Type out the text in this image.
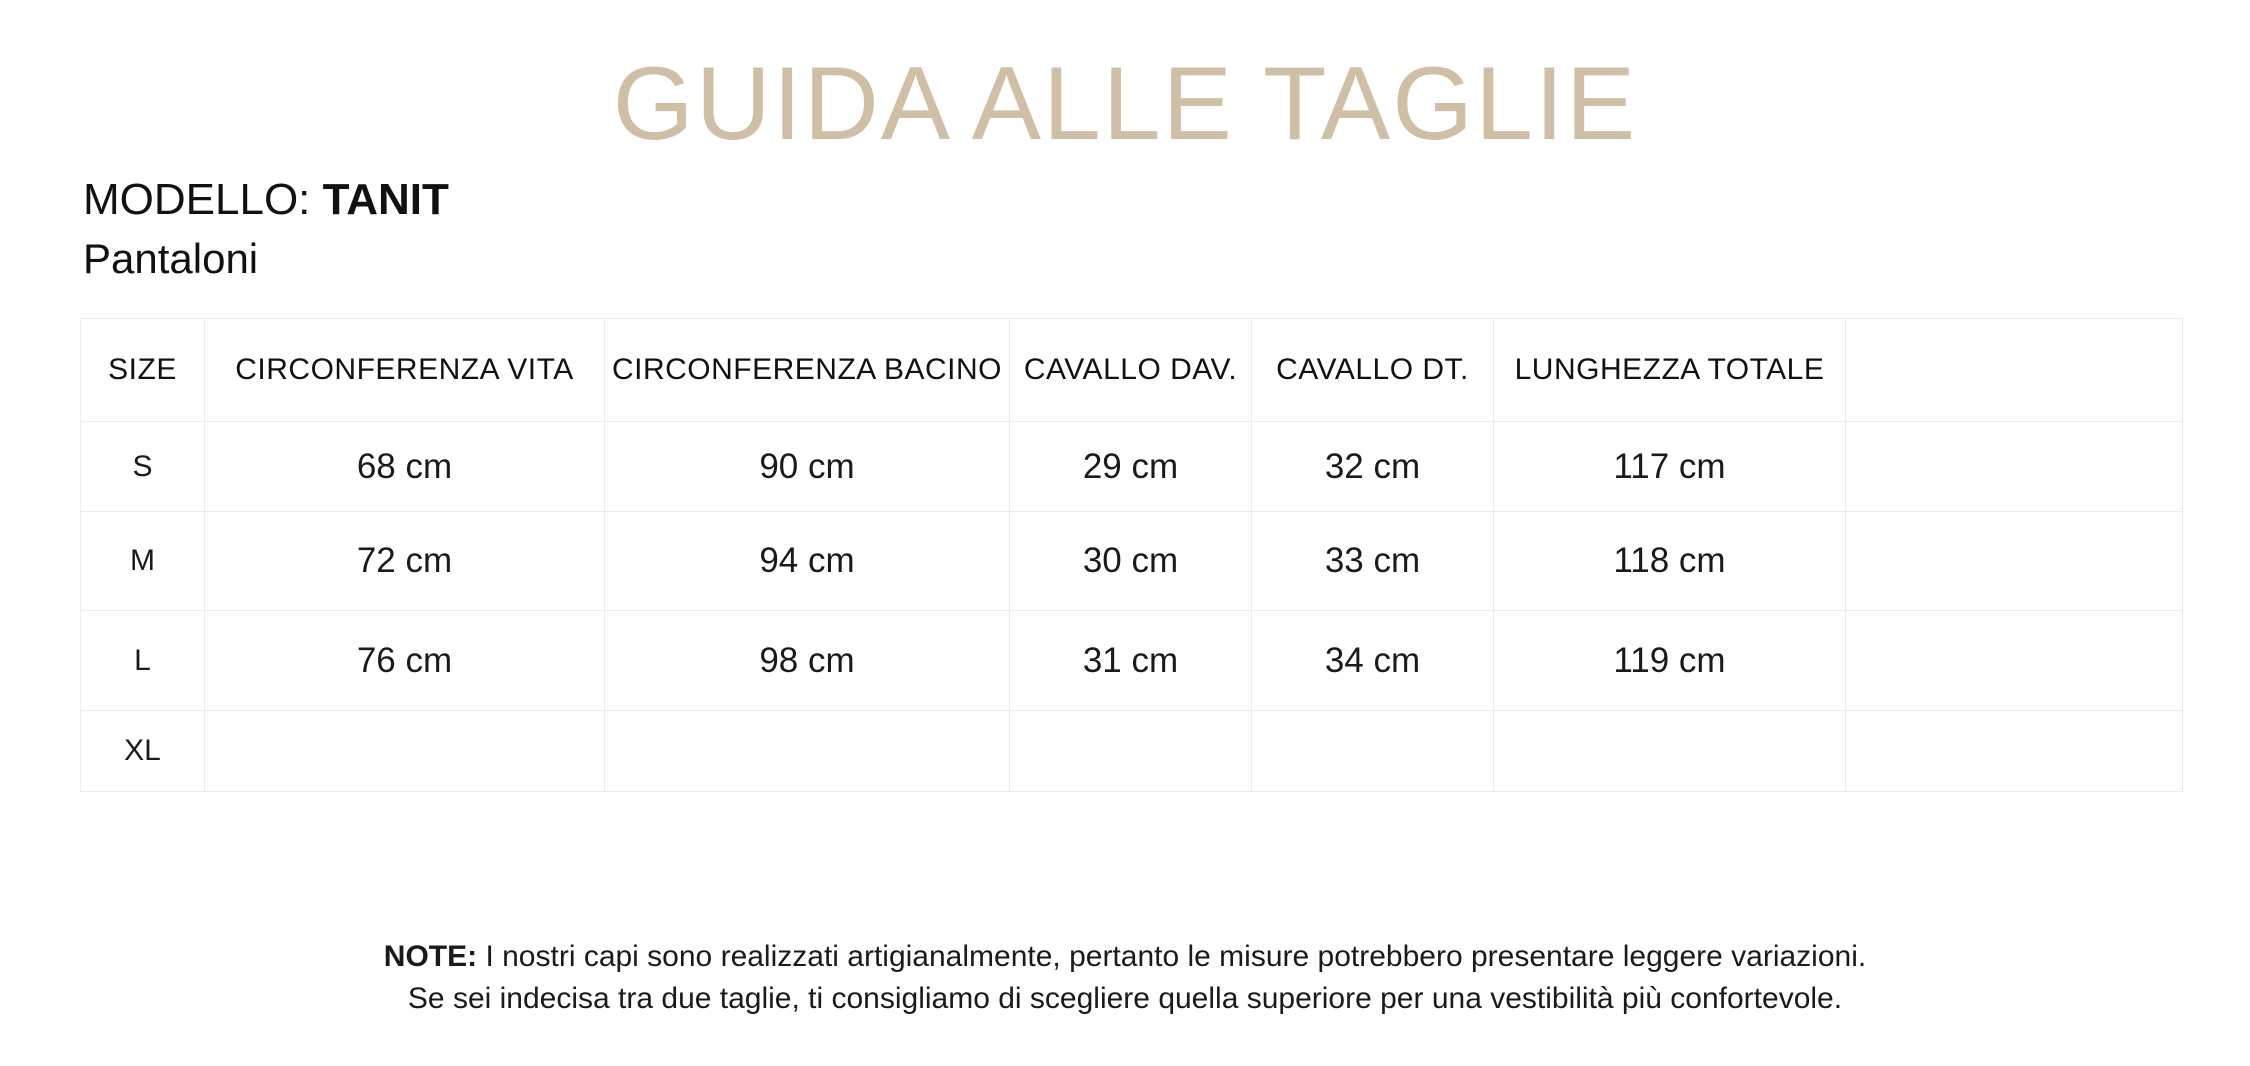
GUIDA ALLE TAGLIE
MODELLO: TANIT
Pantaloni
SIZE	CIRCONFERENZA VITA	CIRCONFERENZA BACINO	CAVALLO DAV.	CAVALLO DT.	LUNGHEZZA TOTALE	
S	68 cm	90 cm	29 cm	32 cm	117 cm	
M	72 cm	94 cm	30 cm	33 cm	118 cm	
L	76 cm	98 cm	31 cm	34 cm	119 cm	
XL						
NOTE: I nostri capi sono realizzati artigianalmente, pertanto le misure potrebbero presentare leggere variazioni.
Se sei indecisa tra due taglie, ti consigliamo di scegliere quella superiore per una vestibilità più confortevole.
